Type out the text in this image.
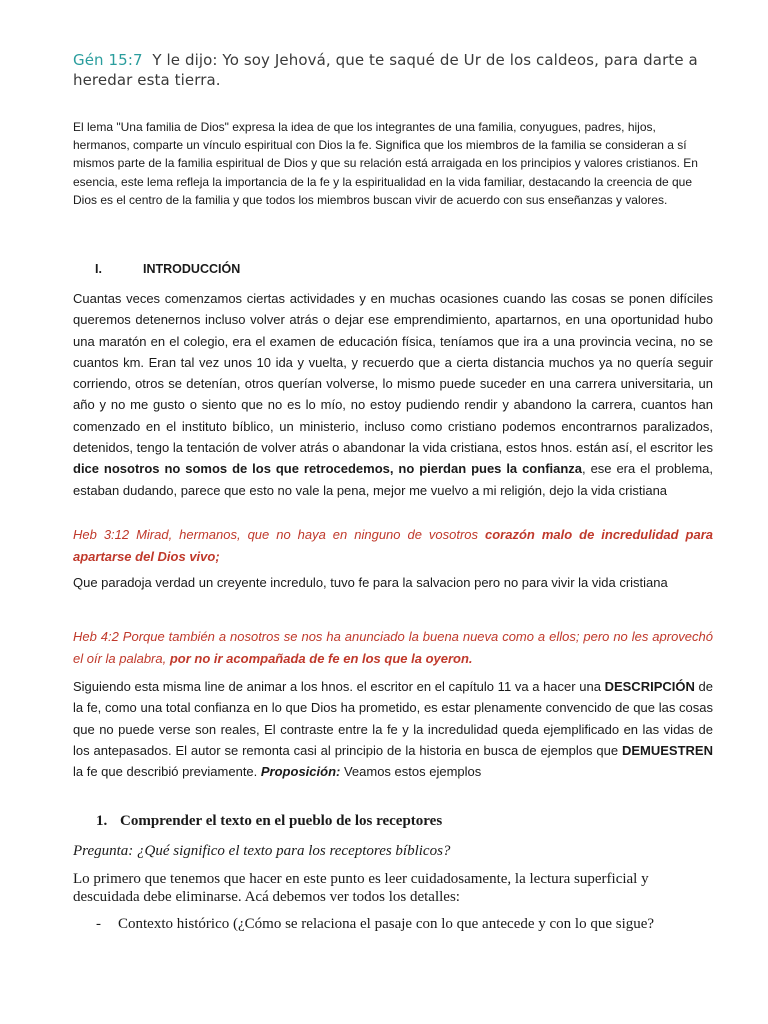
Gén 15:7 Y le dijo: Yo soy Jehová, que te saqué de Ur de los caldeos, para darte a heredar esta tierra.
El lema "Una familia de Dios" expresa la idea de que los integrantes de una familia, conyugues, padres, hijos, hermanos, comparte un vínculo espiritual con Dios la fe. Significa que los miembros de la familia se consideran a sí mismos parte de la familia espiritual de Dios y que su relación está arraigada en los principios y valores cristianos. En esencia, este lema refleja la importancia de la fe y la espiritualidad en la vida familiar, destacando la creencia de que Dios es el centro de la familia y que todos los miembros buscan vivir de acuerdo con sus enseñanzas y valores.
I.	INTRODUCCIÓN
Cuantas veces comenzamos ciertas actividades y en muchas ocasiones cuando las cosas se ponen difíciles queremos detenernos incluso volver atrás o dejar ese emprendimiento, apartarnos, en una oportunidad hubo una maratón en el colegio, era el examen de educación física, teníamos que ira a una provincia vecina, no se cuantos km. Eran tal vez unos 10 ida y vuelta, y recuerdo que a cierta distancia muchos ya no quería seguir corriendo, otros se detenían, otros querían volverse, lo mismo puede suceder en una carrera universitaria, un año y no me gusto o siento que no es lo mío, no estoy pudiendo rendir y abandono la carrera, cuantos han comenzado en el instituto bíblico, un ministerio, incluso como cristiano podemos encontrarnos paralizados, detenidos, tengo la tentación de volver atrás o abandonar la vida cristiana, estos hnos. están así, el escritor les dice nosotros no somos de los que retrocedemos, no pierdan pues la confianza, ese era el problema, estaban dudando, parece que esto no vale la pena, mejor me vuelvo a mi religión, dejo la vida cristiana
Heb 3:12 Mirad, hermanos, que no haya en ninguno de vosotros corazón malo de incredulidad para apartarse del Dios vivo;
Que paradoja verdad un creyente incredulo, tuvo fe para la salvacion pero no para vivir la vida cristiana
Heb 4:2 Porque también a nosotros se nos ha anunciado la buena nueva como a ellos; pero no les aprovechó el oír la palabra, por no ir acompañada de fe en los que la oyeron.
Siguiendo esta misma line de animar a los hnos. el escritor en el capítulo 11 va a hacer una DESCRIPCIÓN de la fe, como una total confianza en lo que Dios ha prometido, es estar plenamente convencido de que las cosas que no puede verse son reales, El contraste entre la fe y la incredulidad queda ejemplificado en las vidas de los antepasados. El autor se remonta casi al principio de la historia en busca de ejemplos que DEMUESTREN la fe que describió previamente. Proposición: Veamos estos ejemplos
1. Comprender el texto en el pueblo de los receptores
Pregunta: ¿Qué significo el texto para los receptores bíblicos?
Lo primero que tenemos que hacer en este punto es leer cuidadosamente, la lectura superficial y descuidada debe eliminarse. Acá debemos ver todos los detalles:
- Contexto histórico (¿Cómo se relaciona el pasaje con lo que antecede y con lo que sigue?
